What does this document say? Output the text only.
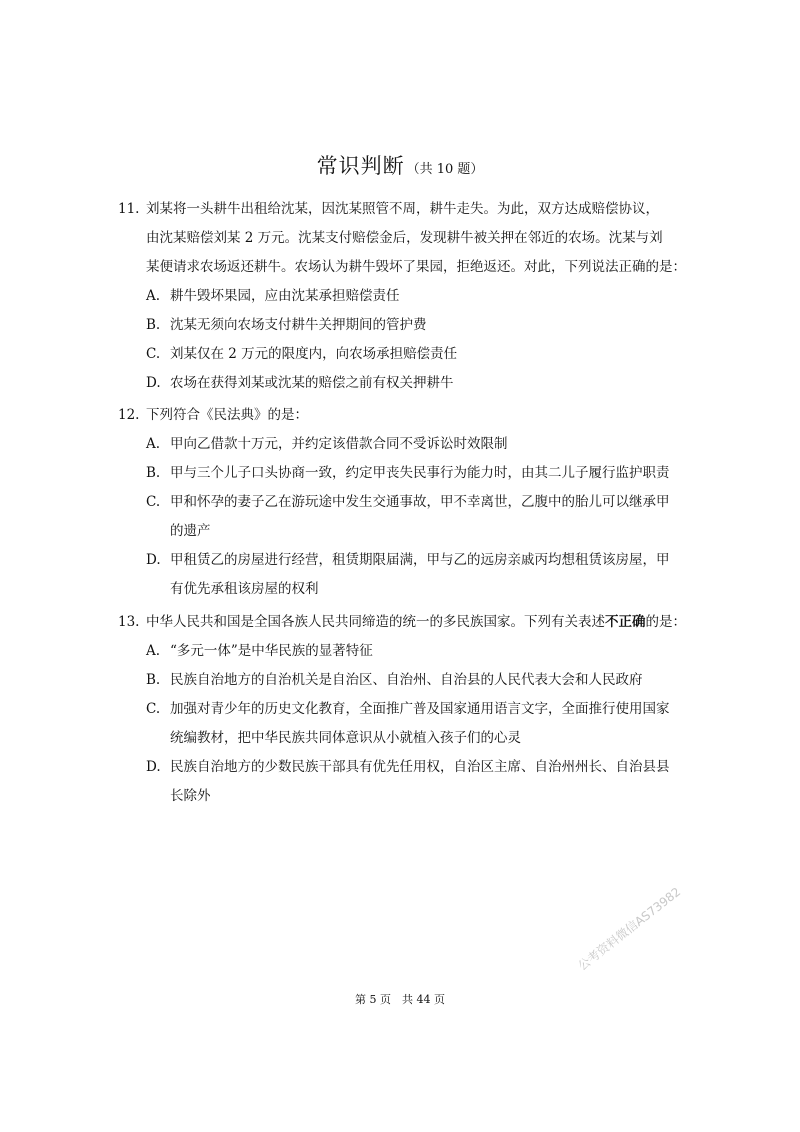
常识判断 （共 10 题）
11. 刘某将一头耕牛出租给沈某，因沈某照管不周，耕牛走失。为此，双方达成赔偿协议，
由沈某赔偿刘某 2 万元。沈某支付赔偿金后，发现耕牛被关押在邻近的农场。沈某与刘
某便请求农场返还耕牛。农场认为耕牛毁坏了果园，拒绝返还。对此，下列说法正确的是：
A. 耕牛毁坏果园，应由沈某承担赔偿责任
B. 沈某无须向农场支付耕牛关押期间的管护费
C. 刘某仅在 2 万元的限度内，向农场承担赔偿责任
D. 农场在获得刘某或沈某的赔偿之前有权关押耕牛
12. 下列符合《民法典》的是：
A. 甲向乙借款十万元，并约定该借款合同不受诉讼时效限制
B. 甲与三个儿子口头协商一致，约定甲丧失民事行为能力时，由其二儿子履行监护职责
C. 甲和怀孕的妻子乙在游玩途中发生交通事故，甲不幸离世，乙腹中的胎儿可以继承甲
的遗产
D. 甲租赁乙的房屋进行经营，租赁期限届满，甲与乙的远房亲戚丙均想租赁该房屋，甲
有优先承租该房屋的权利
13. 中华人民共和国是全国各族人民共同缔造的统一的多民族国家。下列有关表述不正确的是：
A. “多元一体”是中华民族的显著特征
B. 民族自治地方的自治机关是自治区、自治州、自治县的人民代表大会和人民政府
C. 加强对青少年的历史文化教育，全面推广普及国家通用语言文字，全面推行使用国家
统编教材，把中华民族共同体意识从小就植入孩子们的心灵
D. 民族自治地方的少数民族干部具有优先任用权，自治区主席、自治州州长、自治县县
长除外
公考资料微信AS73982
第 5 页　共 44 页
